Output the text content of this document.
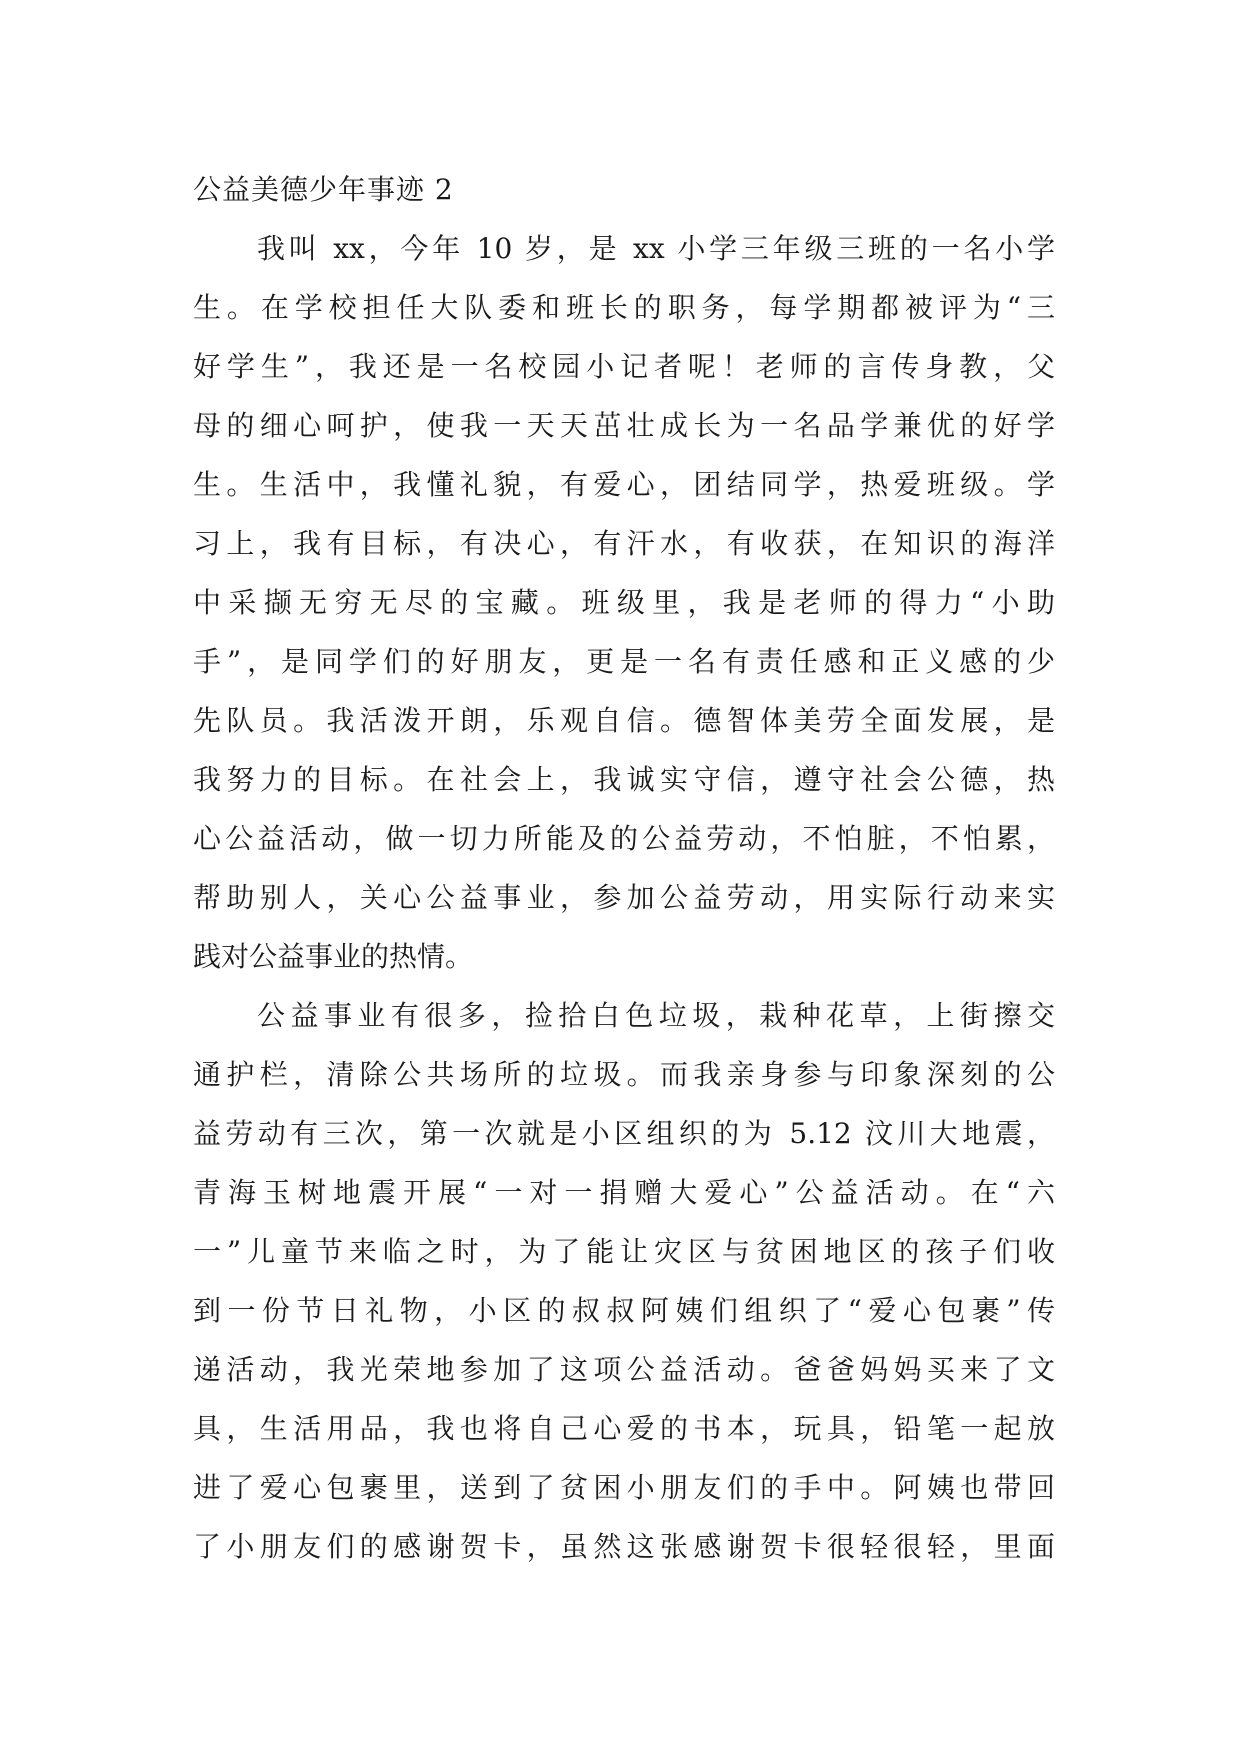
公益美德少年事迹 2
我叫 xx，今年 10 岁，是 xx 小学三年级三班的一名小学
生。在学校担任大队委和班长的职务，每学期都被评为“三
好学生”，我还是一名校园小记者呢！老师的言传身教，父
母的细心呵护，使我一天天茁壮成长为一名品学兼优的好学
生。生活中，我懂礼貌，有爱心，团结同学，热爱班级。学
习上，我有目标，有决心，有汗水，有收获，在知识的海洋
中采撷无穷无尽的宝藏。班级里，我是老师的得力“小助
手”，是同学们的好朋友，更是一名有责任感和正义感的少
先队员。我活泼开朗，乐观自信。德智体美劳全面发展，是
我努力的目标。在社会上，我诚实守信，遵守社会公德，热
心公益活动，做一切力所能及的公益劳动，不怕脏，不怕累，
帮助别人，关心公益事业，参加公益劳动，用实际行动来实
践对公益事业的热情。
公益事业有很多，捡拾白色垃圾，栽种花草，上街擦交
通护栏，清除公共场所的垃圾。而我亲身参与印象深刻的公
益劳动有三次，第一次就是小区组织的为 5.12 汶川大地震，
青海玉树地震开展“一对一捐赠大爱心”公益活动。在“六
一”儿童节来临之时，为了能让灾区与贫困地区的孩子们收
到一份节日礼物，小区的叔叔阿姨们组织了“爱心包裹”传
递活动，我光荣地参加了这项公益活动。爸爸妈妈买来了文
具，生活用品，我也将自己心爱的书本，玩具，铅笔一起放
进了爱心包裹里，送到了贫困小朋友们的手中。阿姨也带回
了小朋友们的感谢贺卡，虽然这张感谢贺卡很轻很轻，里面
